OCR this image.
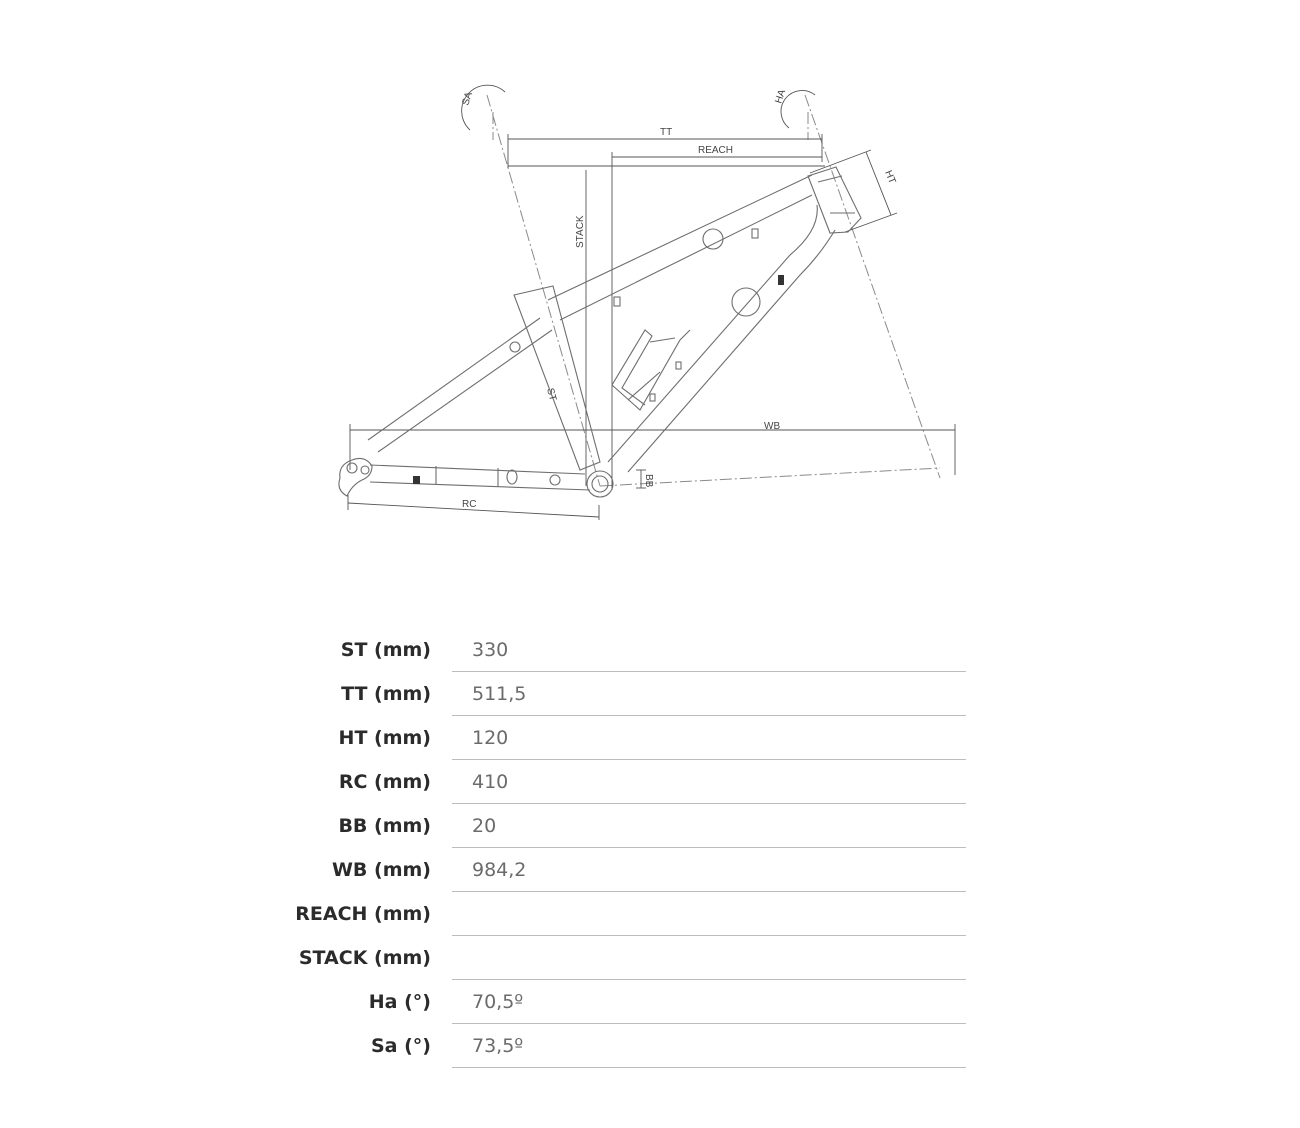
SA	HA
TT
REACH
STACK
HT
ST
WB
RC
BB
ST (mm)	330
TT (mm)	511,5
HT (mm)	120
RC (mm)	410
BB (mm)	20
WB (mm)	984,2
REACH (mm)	
STACK (mm)	
Ha (°)	70,5º
Sa (°)	73,5º
